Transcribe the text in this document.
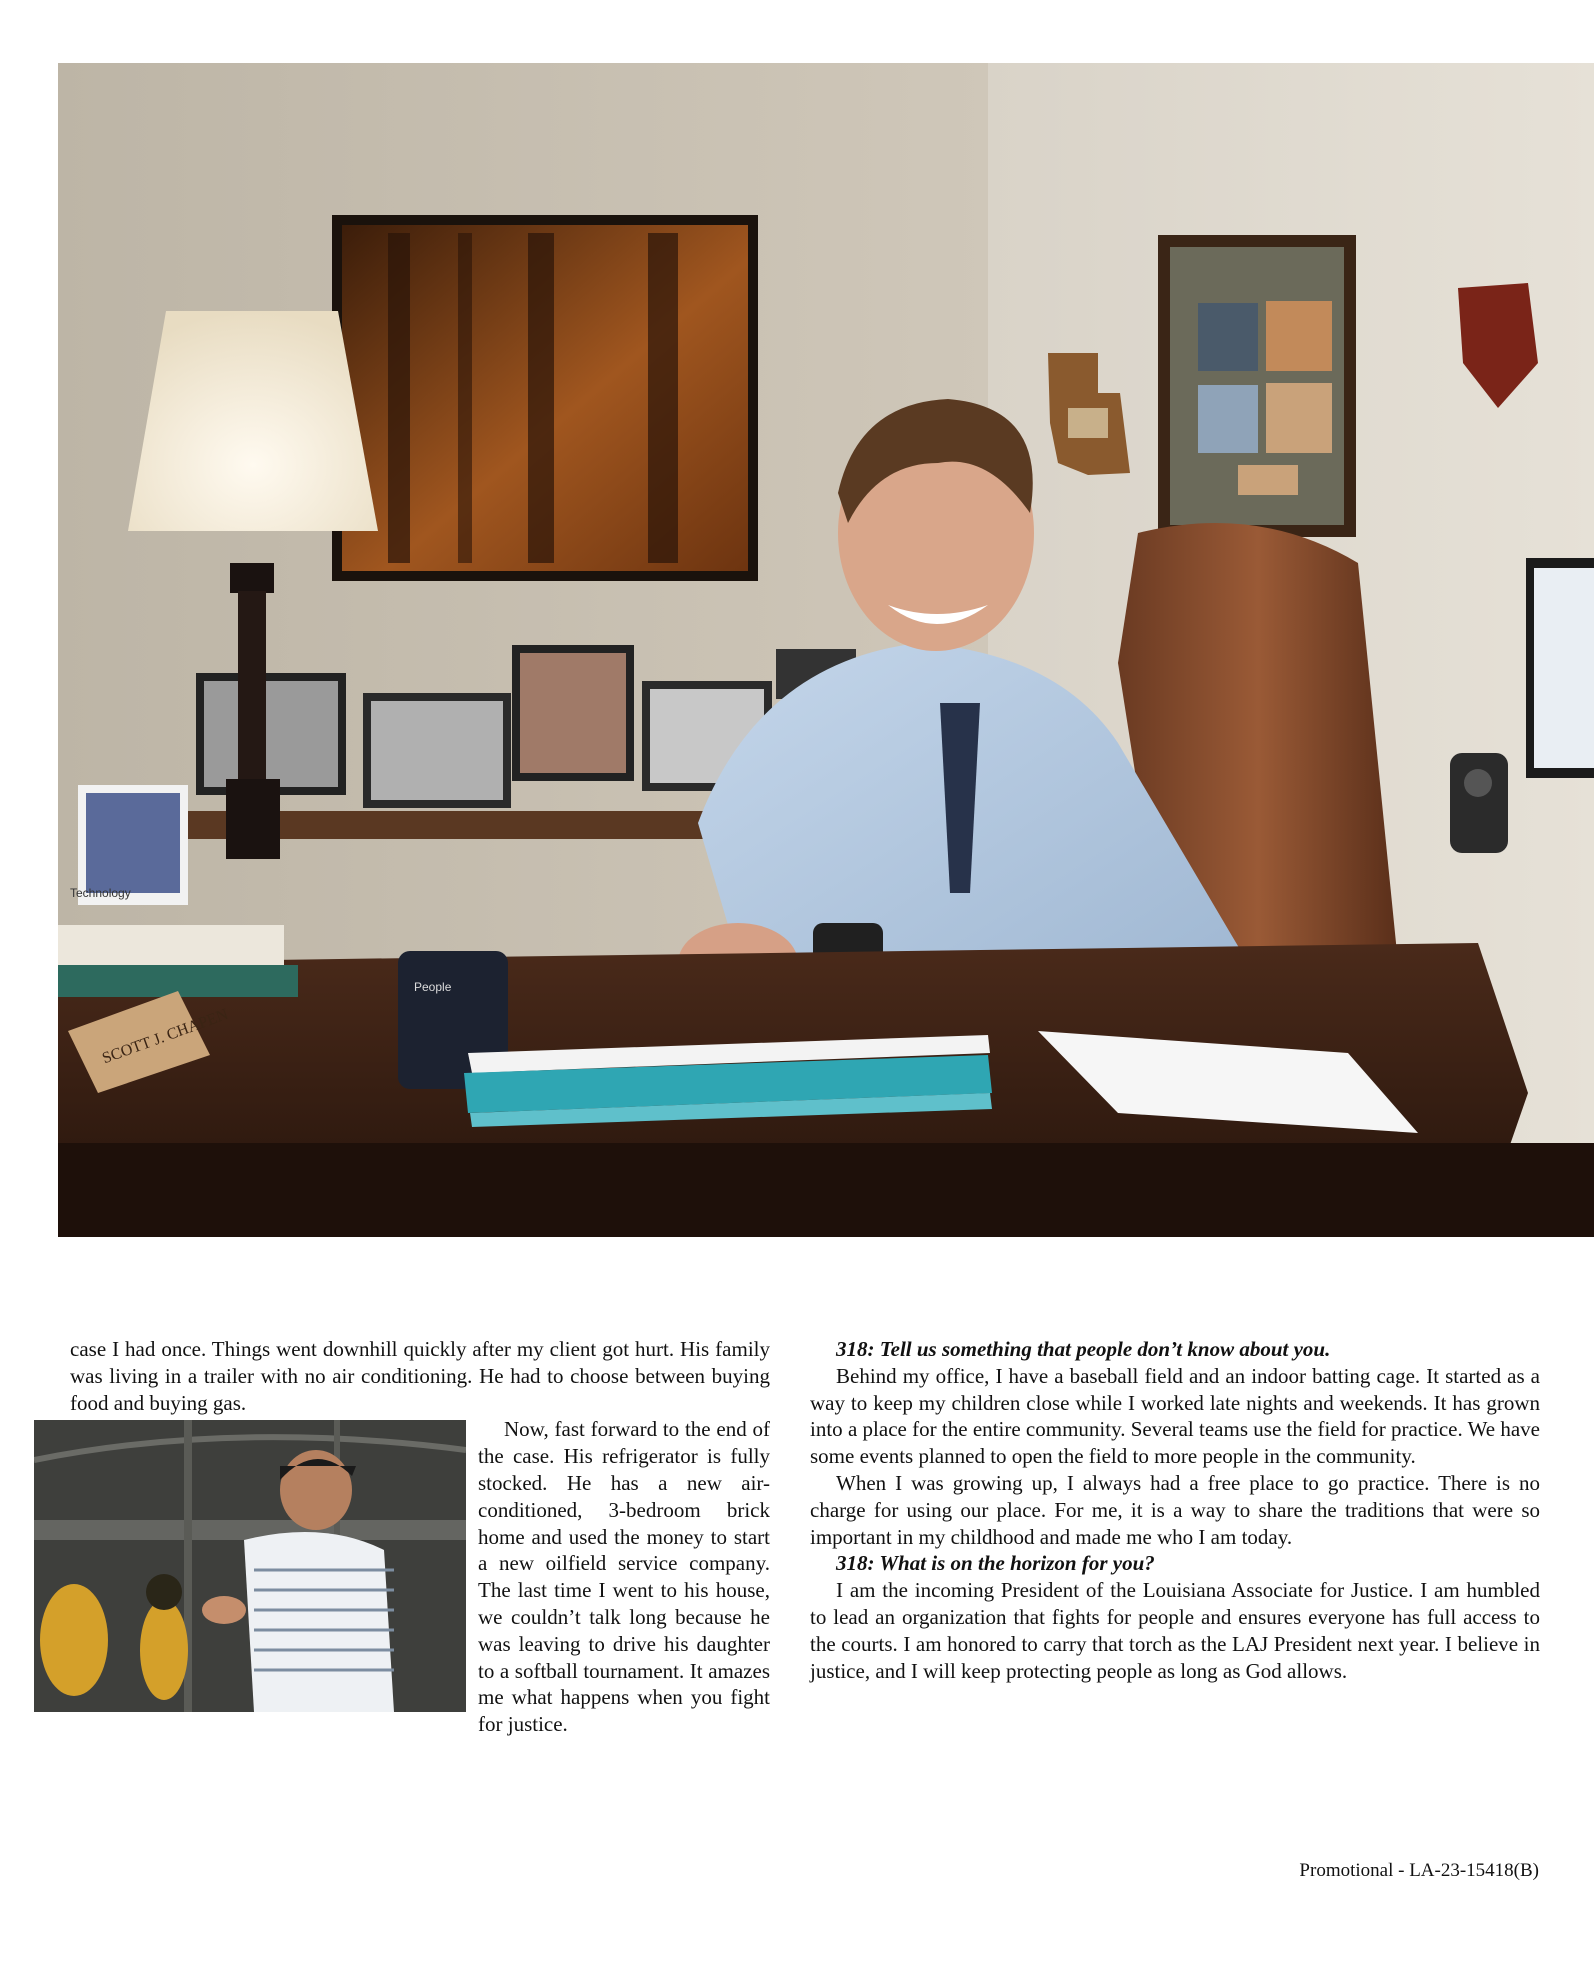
SCOTT J. CHAPEN
People
Technology

case I had once. Things went downhill quickly after my client got hurt. His family was living in a trailer with no air conditioning. He had to choose between buying food and buying gas.

Now, fast forward to the end of the case. His refrigerator is fully stocked. He has a new air-conditioned, 3-bedroom brick home and used the money to start a new oilfield service company. The last time I went to his house, we couldn’t talk long because he was leaving to drive his daughter to a softball tournament. It amazes me what happens when you fight for justice.

318: Tell us something that people don’t know about you.

Behind my office, I have a baseball field and an indoor batting cage. It started as a way to keep my children close while I worked late nights and weekends. It has grown into a place for the entire community. Several teams use the field for practice. We have some events planned to open the field to more people in the community.

When I was growing up, I always had a free place to go practice. There is no charge for using our place. For me, it is a way to share the traditions that were so important in my childhood and made me who I am today.

318: What is on the horizon for you?

I am the incoming President of the Louisiana Associate for Justice. I am humbled to lead an organization that fights for people and ensures everyone has full access to the courts. I am honored to carry that torch as the LAJ President next year. I believe in justice, and I will keep protecting people as long as God allows.

Promotional - LA-23-15418(B)
